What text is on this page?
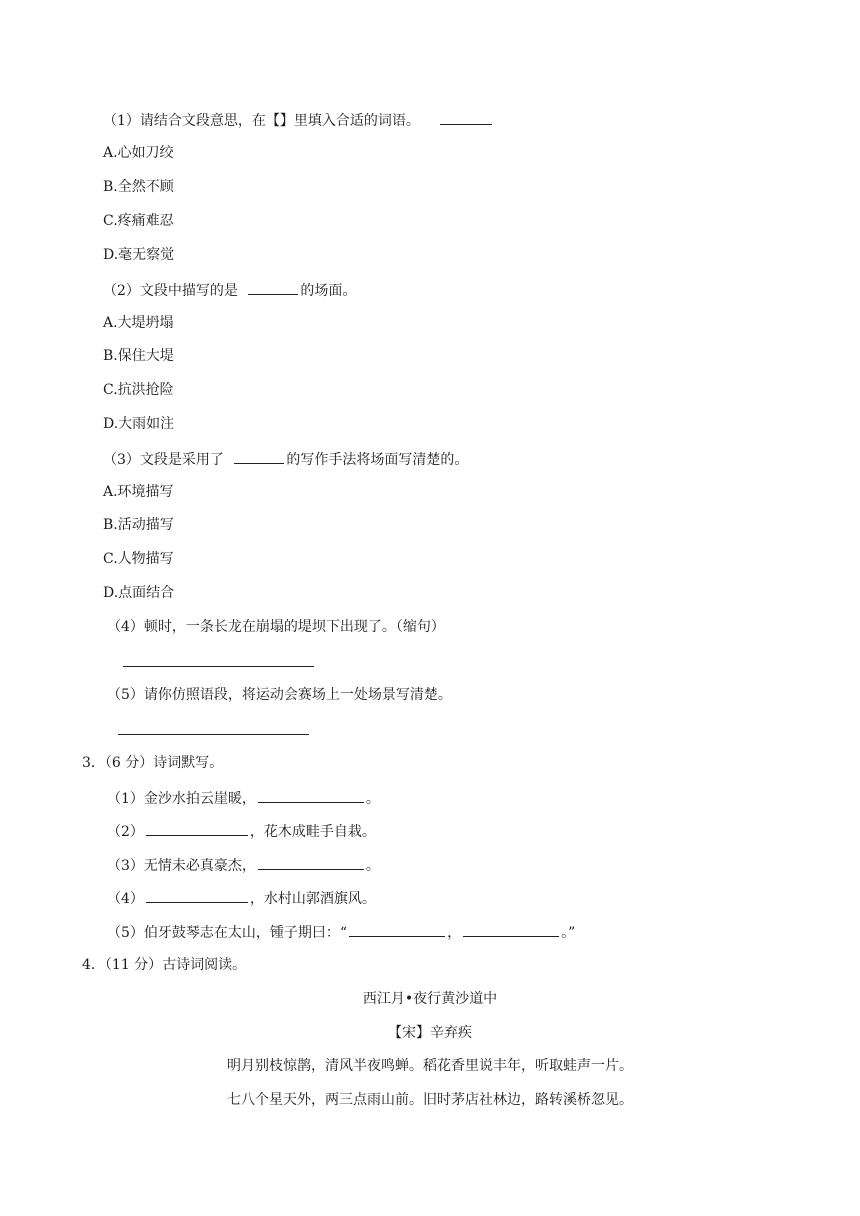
（1）请结合文段意思，在【】里填入合适的词语。
A.心如刀绞
B.全然不顾
C.疼痛难忍
D.毫无察觉
（2）文段中描写的是	的场面。
A.大堤坍塌
B.保住大堤
C.抗洪抢险
D.大雨如注
（3）文段是采用了	的写作手法将场面写清楚的。
A.环境描写
B.活动描写
C.人物描写
D.点面结合
（4）顿时，一条长龙在崩塌的堤坝下出现了。（缩句）
（5）请你仿照语段，将运动会赛场上一处场景写清楚。
3．（6 分）诗词默写。
（1）金沙水拍云崖暖，	。
（2）	，花木成畦手自栽。
（3）无情未必真豪杰，	。
（4）	，水村山郭酒旗风。
（5）伯牙鼓琴志在太山，锺子期曰：“	，	。”
4．（11 分）古诗词阅读。
西江月•夜行黄沙道中
【宋】辛弃疾
明月别枝惊鹊，清风半夜鸣蝉。稻花香里说丰年，听取蛙声一片。
七八个星天外，两三点雨山前。旧时茅店社林边，路转溪桥忽见。
